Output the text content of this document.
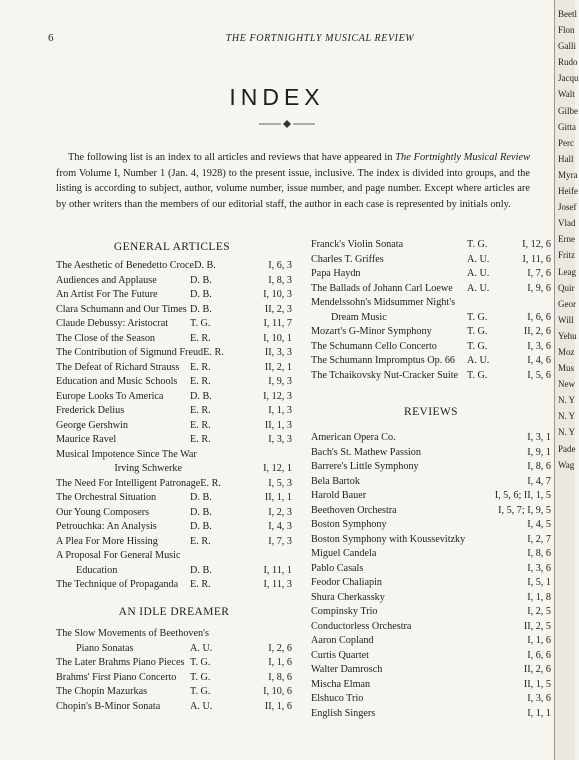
6	THE FORTNIGHTLY MUSICAL REVIEW
INDEX

The following list is an index to all articles and reviews that have appeared in The Fortnightly Musical Review from Volume I, Number 1 (Jan. 4, 1928) to the present issue, inclusive. The index is divided into groups, and the listing is according to subject, author, volume number, issue number, and page number. Except where articles are by other writers than the members of our editorial staff, the author in each case is represented by initials only.

GENERAL ARTICLES
The Aesthetic of Benedetto Croce D. B.	I, 6, 3
Audiences and Applause	D. B.	I, 8, 3
An Artist For The Future	D. B.	I, 10, 3
Clara Schumann and Our Times D. B.	II, 2, 3
Claude Debussy: Aristocrat	T. G.	I, 11, 7
The Close of the Season	E. R.	I, 10, 1
The Contribution of Sigmund Freud E. R.	II, 3, 3
The Defeat of Richard Strauss	E. R.	II, 2, 1
Education and Music Schools	E. R.	I, 9, 3
Europe Looks To America	D. B.	I, 12, 3
Frederick Delius	E. R.	I, 1, 3
George Gershwin	E. R.	II, 1, 3
Maurice Ravel	E. R.	I, 3, 3
Musical Impotence Since The War
Irving Schwerke	I, 12, 1
The Need For Intelligent Patronage E. R.	I, 5, 3
The Orchestral Situation	D. B.	II, 1, 1
Our Young Composers	D. B.	I, 2, 3
Petrouchka: An Analysis	D. B.	I, 4, 3
A Plea For More Hissing	E. R.	I, 7, 3
A Proposal For General Music
Education	D. B.	I, 11, 1
The Technique of Propaganda	E. R.	I, 11, 3
AN IDLE DREAMER
The Slow Movements of Beethoven's
Piano Sonatas	A. U.	I, 2, 6
The Later Brahms Piano Pieces T. G.	I, 1, 6
Brahms' First Piano Concerto	T. G.	I, 8, 6
The Chopin Mazurkas	T. G.	I, 10, 6
Chopin's B-Minor Sonata	A. U.	II, 1, 6
Franck's Violin Sonata	T. G.	I, 12, 6
Charles T. Griffes	A. U.	I, 11, 6
Papa Haydn	A. U.	I, 7, 6
The Ballads of Johann Carl Loewe	A. U.	I, 9, 6
Mendelssohn's Midsummer Night's
Dream Music	T. G.	I, 6, 6
Mozart's G-Minor Symphony	T. G.	II, 2, 6
The Schumann Cello Concerto	T. G.	I, 3, 6
The Schumann Impromptus Op. 66	A. U.	I, 4, 6
The Tchaikovsky Nut-Cracker Suite T. G.	I, 5, 6
REVIEWS
American Opera Co.	I, 3, 1
Bach's St. Mathew Passion	I, 9, 1
Barrere's Little Symphony	I, 8, 6
Bela Bartok	I, 4, 7
Harold Bauer	I, 5, 6; II, 1, 5
Beethoven Orchestra	I, 5, 7; I, 9, 5
Boston Symphony	I, 4, 5
Boston Symphony with Koussevitzky	I, 2, 7
Miguel Candela	I, 8, 6
Pablo Casals	I, 3, 6
Feodor Chaliapin	I, 5, 1
Shura Cherkassky	I, 1, 8
Compinsky Trio	I, 2, 5
Conductorless Orchestra	II, 2, 5
Aaron Copland	I, 1, 6
Curtis Quartet	I, 6, 6
Walter Damrosch	II, 2, 6
Mischa Elman	II, 1, 5
Elshuco Trio	I, 3, 6
English Singers	I, 1, 1
Beetl
Flon
Galli
Rudo
Jacqu
Walt
Gilbe
Gitta
Perc
Hall
Myra
Heife
Josef
Vlad
Erne
Fritz
Leag
Quir
Geor
Will
Yehu
Moz
Mus
New
N. Y
N. Y
N. Y
Pade
Wag
